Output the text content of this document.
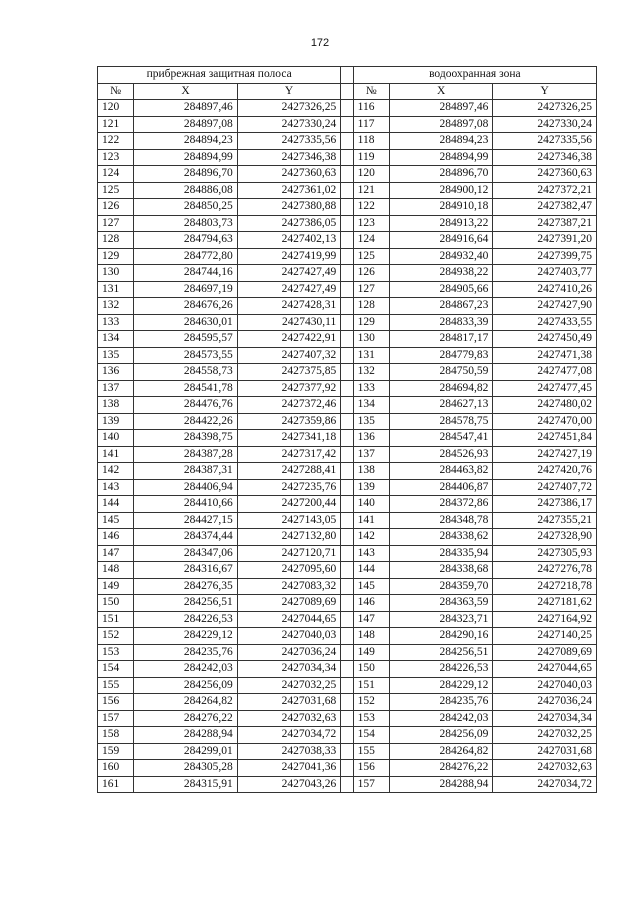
172
прибрежная защитная полоса				водоохранная зона		
№	X	Y		№	X	Y
120	284897,46	2427326,25		116	284897,46	2427326,25
121	284897,08	2427330,24		117	284897,08	2427330,24
122	284894,23	2427335,56		118	284894,23	2427335,56
123	284894,99	2427346,38		119	284894,99	2427346,38
124	284896,70	2427360,63		120	284896,70	2427360,63
125	284886,08	2427361,02		121	284900,12	2427372,21
126	284850,25	2427380,88		122	284910,18	2427382,47
127	284803,73	2427386,05		123	284913,22	2427387,21
128	284794,63	2427402,13		124	284916,64	2427391,20
129	284772,80	2427419,99		125	284932,40	2427399,75
130	284744,16	2427427,49		126	284938,22	2427403,77
131	284697,19	2427427,49		127	284905,66	2427410,26
132	284676,26	2427428,31		128	284867,23	2427427,90
133	284630,01	2427430,11		129	284833,39	2427433,55
134	284595,57	2427422,91		130	284817,17	2427450,49
135	284573,55	2427407,32		131	284779,83	2427471,38
136	284558,73	2427375,85		132	284750,59	2427477,08
137	284541,78	2427377,92		133	284694,82	2427477,45
138	284476,76	2427372,46		134	284627,13	2427480,02
139	284422,26	2427359,86		135	284578,75	2427470,00
140	284398,75	2427341,18		136	284547,41	2427451,84
141	284387,28	2427317,42		137	284526,93	2427427,19
142	284387,31	2427288,41		138	284463,82	2427420,76
143	284406,94	2427235,76		139	284406,87	2427407,72
144	284410,66	2427200,44		140	284372,86	2427386,17
145	284427,15	2427143,05		141	284348,78	2427355,21
146	284374,44	2427132,80		142	284338,62	2427328,90
147	284347,06	2427120,71		143	284335,94	2427305,93
148	284316,67	2427095,60		144	284338,68	2427276,78
149	284276,35	2427083,32		145	284359,70	2427218,78
150	284256,51	2427089,69		146	284363,59	2427181,62
151	284226,53	2427044,65		147	284323,71	2427164,92
152	284229,12	2427040,03		148	284290,16	2427140,25
153	284235,76	2427036,24		149	284256,51	2427089,69
154	284242,03	2427034,34		150	284226,53	2427044,65
155	284256,09	2427032,25		151	284229,12	2427040,03
156	284264,82	2427031,68		152	284235,76	2427036,24
157	284276,22	2427032,63		153	284242,03	2427034,34
158	284288,94	2427034,72		154	284256,09	2427032,25
159	284299,01	2427038,33		155	284264,82	2427031,68
160	284305,28	2427041,36		156	284276,22	2427032,63
161	284315,91	2427043,26		157	284288,94	2427034,72
